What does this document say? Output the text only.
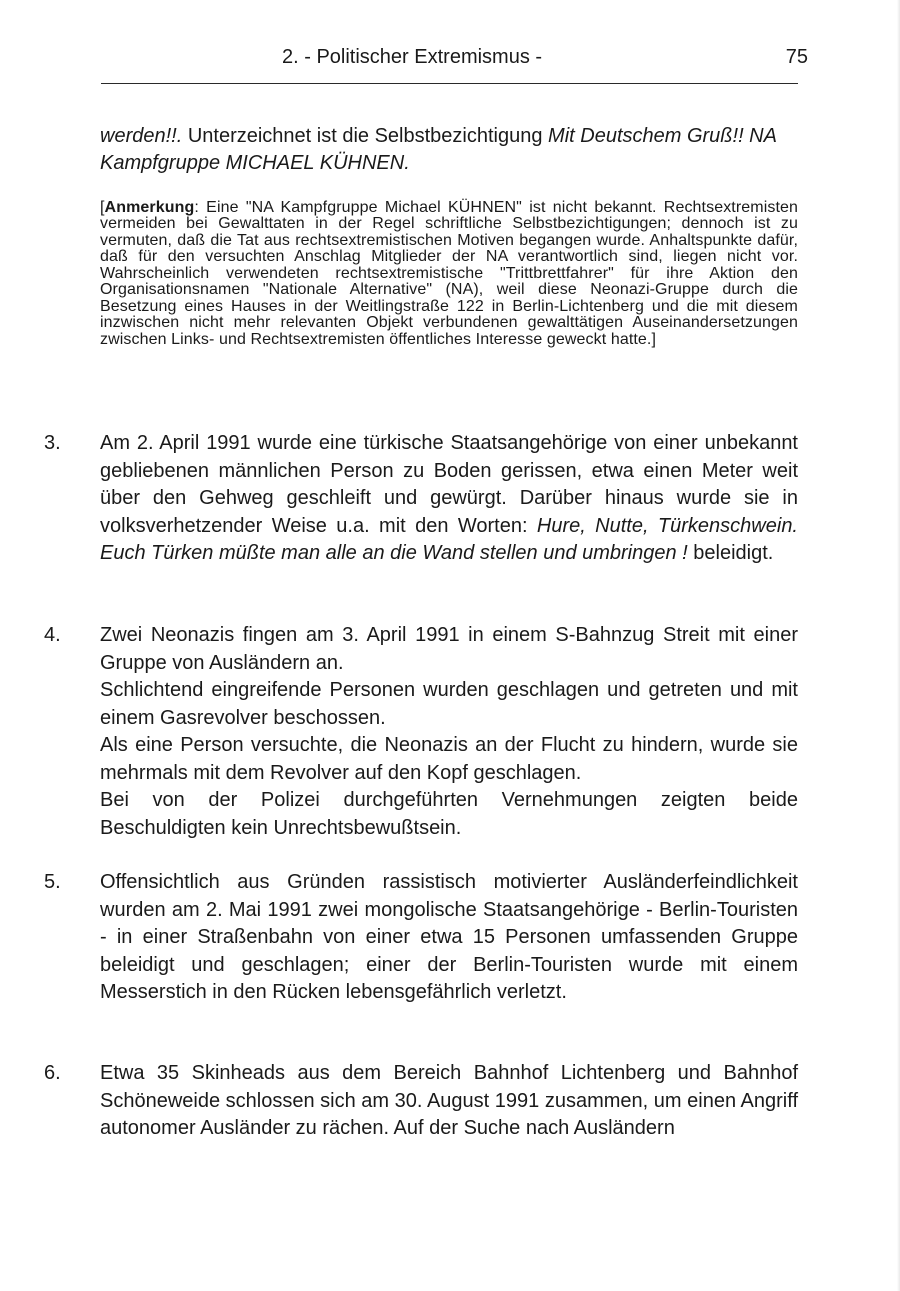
2. - Politischer Extremismus -	75
werden!!. Unterzeichnet ist die Selbstbezichtigung Mit Deutschem Gruß!! NA Kampfgruppe MICHAEL KÜHNEN.
[Anmerkung: Eine "NA Kampfgruppe Michael KÜHNEN" ist nicht bekannt. Rechtsextremisten vermeiden bei Gewalttaten in der Regel schriftliche Selbstbezichtigungen; dennoch ist zu vermuten, daß die Tat aus rechtsextremistischen Motiven begangen wurde. Anhaltspunkte dafür, daß für den versuchten Anschlag Mitglieder der NA verantwortlich sind, liegen nicht vor. Wahrscheinlich verwendeten rechtsextremistische "Trittbrettfahrer" für ihre Aktion den Organisationsnamen "Nationale Alternative" (NA), weil diese Neonazi-Gruppe durch die Besetzung eines Hauses in der Weitlingstraße 122 in Berlin-Lichtenberg und die mit diesem inzwischen nicht mehr relevanten Objekt verbundenen gewalttätigen Auseinandersetzungen zwischen Links- und Rechtsextremisten öffentliches Interesse geweckt hatte.]
3.	Am 2. April 1991 wurde eine türkische Staatsangehörige von einer unbekannt gebliebenen männlichen Person zu Boden gerissen, etwa einen Meter weit über den Gehweg geschleift und gewürgt. Darüber hinaus wurde sie in volksverhetzender Weise u.a. mit den Worten: Hure, Nutte, Türkenschwein. Euch Türken müßte man alle an die Wand stellen und umbringen ! beleidigt.
4.	Zwei Neonazis fingen am 3. April 1991 in einem S-Bahnzug Streit mit einer Gruppe von Ausländern an.

Schlichtend eingreifende Personen wurden geschlagen und getreten und mit einem Gasrevolver beschossen.

Als eine Person versuchte, die Neonazis an der Flucht zu hindern, wurde sie mehrmals mit dem Revolver auf den Kopf geschlagen.

Bei von der Polizei durchgeführten Vernehmungen zeigten beide Beschuldigten kein Unrechtsbewußtsein.

5.	Offensichtlich aus Gründen rassistisch motivierter Ausländerfeindlichkeit wurden am 2. Mai 1991 zwei mongolische Staatsangehörige - Berlin-Touristen - in einer Straßenbahn von einer etwa 15 Personen umfassenden Gruppe beleidigt und geschlagen; einer der Berlin-Touristen wurde mit einem Messerstich in den Rücken lebensgefährlich verletzt.
6.	Etwa 35 Skinheads aus dem Bereich Bahnhof Lichtenberg und Bahnhof Schöneweide schlossen sich am 30. August 1991 zusammen, um einen Angriff autonomer Ausländer zu rächen. Auf der Suche nach Ausländern
